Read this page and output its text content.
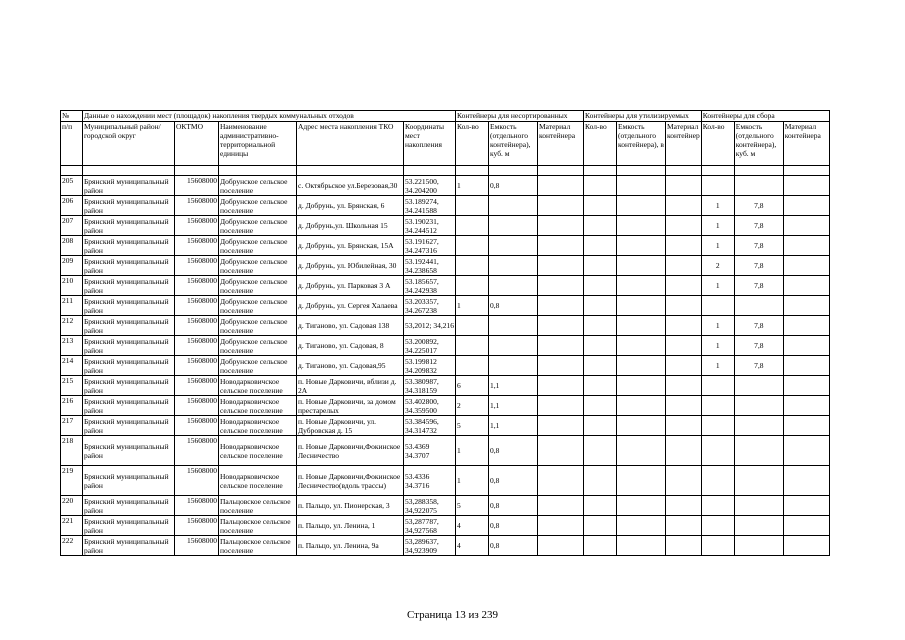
№	Данные о нахождении мест (площадок) накопления твердых коммунальных отходов					Контейнеры для несортированных			Контейнеры для утилизируемых			Контейнеры для сбора		
п/п	Муниципальный район/городской округ	ОКТМО	Наименование административно-территориальной единицы	Адрес места накопления ТКО	Координаты мест накопления	Кол-во	Емкость (отдельного контейнера), куб. м	Материал контейнера	Кол-во	Емкость (отдельного контейнера), в	Материал контейнер	Кол-во	Емкость (отдельного контейнера), куб. м	Материал контейнера

205	Брянский муниципальный район	15608000	Добрунское сельское поселение	с. Октябрьское ул.Березовая,30	53.221500, 34.204200	1	0,8							
206	Брянский муниципальный район	15608000	Добрунское сельское поселение	д. Добрунь, ул. Брянская, 6	53.189274, 34.241588							1	7,8	
207	Брянский муниципальный район	15608000	Добрунское сельское поселение	д. Добрунь,ул. Школьная 15	53.190231, 34.244512							1	7,8	
208	Брянский муниципальный район	15608000	Добрунское сельское поселение	д. Добрунь, ул. Брянская, 15А	53.191627, 34.247316							1	7,8	
209	Брянский муниципальный район	15608000	Добрунское сельское поселение	д. Добрунь, ул. Юбилейная, 30	53.192441, 34.238658							2	7,8	
210	Брянский муниципальный район	15608000	Добрунское сельское поселение	д. Добрунь, ул. Парковая 3 А	53.185657, 34.242938							1	7,8	
211	Брянский муниципальный район	15608000	Добрунское сельское поселение	д. Добрунь, ул. Сергея Халаева	53.203357, 34.267238	1	0,8							
212	Брянский муниципальный район	15608000	Добрунское сельское поселение	д. Тиганово, ул. Садовая 138	53,2012; 34,216							1	7,8	
213	Брянский муниципальный район	15608000	Добрунское сельское поселение	д. Тиганово, ул. Садовая, 8	53.200892, 34.225017							1	7,8	
214	Брянский муниципальный район	15608000	Добрунское сельское поселение	д. Тиганово, ул. Садовая,95	53.199812 34.209832							1	7,8	
215	Брянский муниципальный район	15608000	Новодарковичское сельское поселение	п. Новые Дарковичи, вблизи д. 2А	53.380987, 34.318159	6	1,1							
216	Брянский муниципальный район	15608000	Новодарковичское сельское поселение	п. Новые Дарковичи, за домом престарелых	53.402800, 34.359500	2	1,1							
217	Брянский муниципальный район	15608000	Новодарковичское сельское поселение	п. Новые Дарковичи, ул. Дубровская д. 15	53.384596, 34.314732	5	1,1							
218	Брянский муниципальный район	15608000	Новодарковичское сельское поселение	п. Новые Дарковичи,Фокинское Лесничество	53.4369 34.3707	1	0,8							
219	Брянский муниципальный район	15608000	Новодарковичское сельское поселение	п. Новые Дарковичи,Фокинское Лесничество(вдоль трассы)	53.4336 34.3716	1	0,8							
220	Брянский муниципальный район	15608000	Пальцовское сельское поселение	п. Пальцо, ул. Пионерская, 3	53,288358, 34,922075	5	0,8							
221	Брянский муниципальный район	15608000	Пальцовское сельское поселение	п. Пальцо, ул. Ленина, 1	53,287787, 34,927568	4	0,8							
222	Брянский муниципальный район	15608000	Пальцовское сельское поселение	п. Пальцо, ул. Ленина, 9а	53,289637, 34,923909	4	0,8							
Страница 13 из 239
